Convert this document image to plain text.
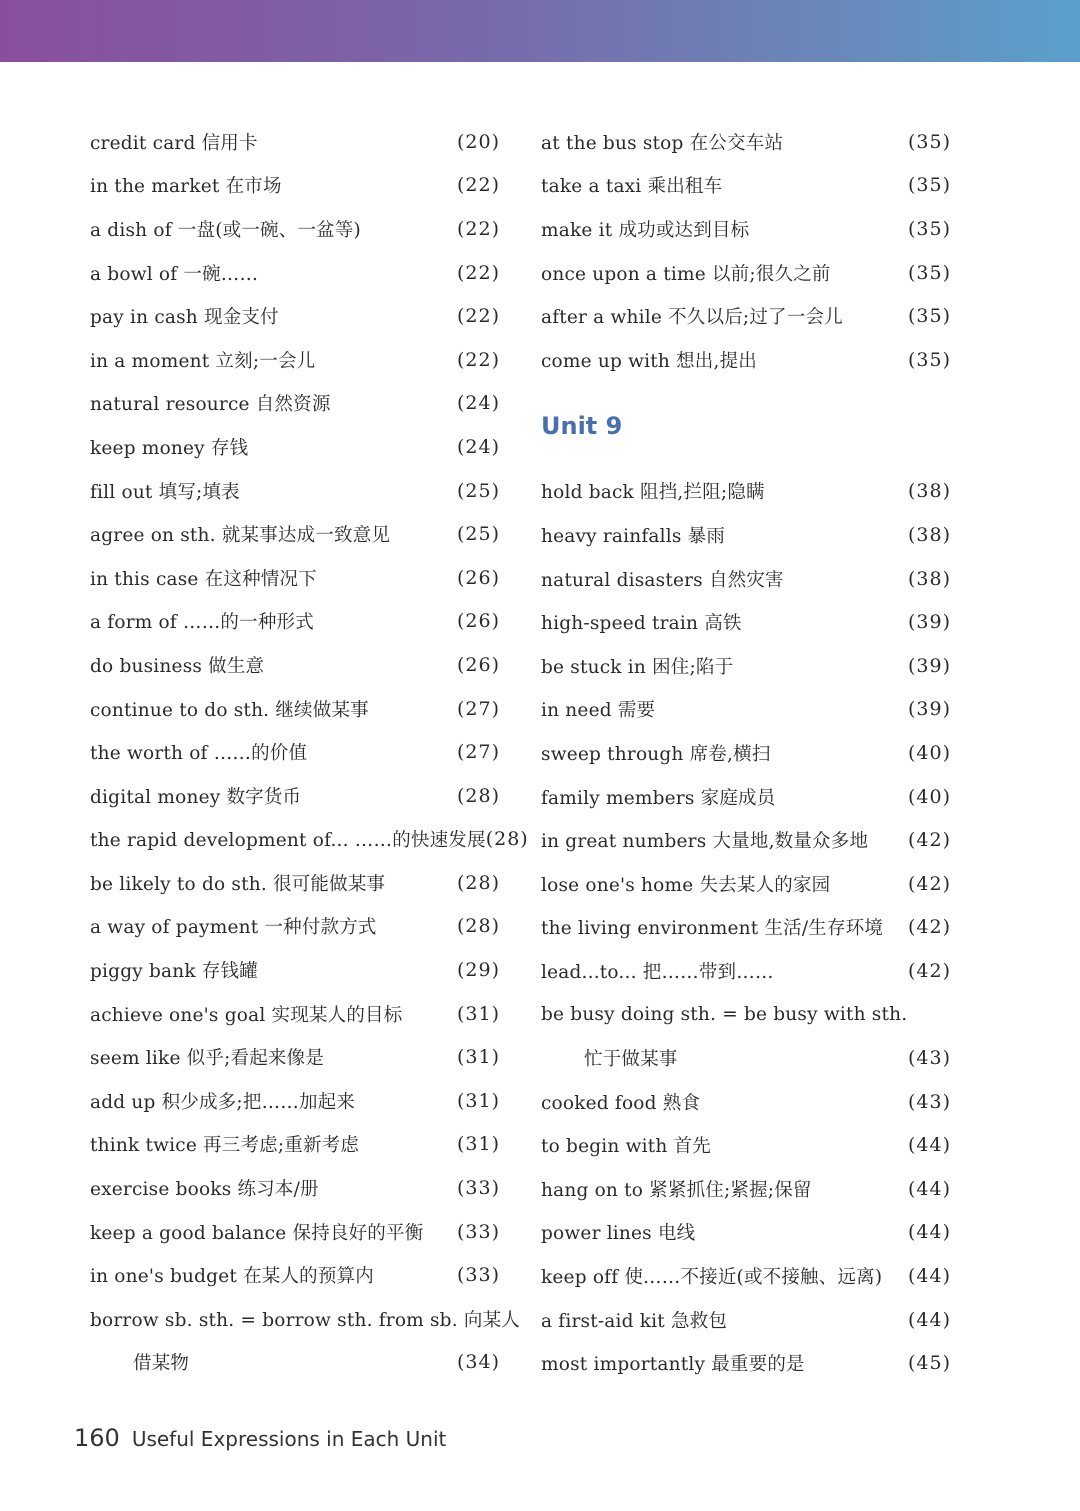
credit card 信用卡	(20)
in the market 在市场	(22)
a dish of 一盘(或一碗、一盆等)	(22)
a bowl of 一碗……	(22)
pay in cash 现金支付	(22)
in a moment 立刻;一会儿	(22)
natural resource 自然资源	(24)
keep money 存钱	(24)
fill out 填写;填表	(25)
agree on sth. 就某事达成一致意见	(25)
in this case 在这种情况下	(26)
a form of ……的一种形式	(26)
do business 做生意	(26)
continue to do sth. 继续做某事	(27)
the worth of ……的价值	(27)
digital money 数字货币	(28)
the rapid development of... ……的快速发展 (28)
be likely to do sth. 很可能做某事	(28)
a way of payment 一种付款方式	(28)
piggy bank 存钱罐	(29)
achieve one's goal 实现某人的目标	(31)
seem like 似乎;看起来像是	(31)
add up 积少成多;把……加起来	(31)
think twice 再三考虑;重新考虑	(31)
exercise books 练习本/册	(33)
keep a good balance 保持良好的平衡 (33)
in one's budget 在某人的预算内	(33)
borrow sb. sth. = borrow sth. from sb. 向某人
借某物	(34)
at the bus stop 在公交车站	(35)
take a taxi 乘出租车	(35)
make it 成功或达到目标	(35)
once upon a time 以前;很久之前	(35)
after a while 不久以后;过了一会儿	(35)
come up with 想出,提出	(35)
Unit 9
hold back 阻挡,拦阻;隐瞒	(38)
heavy rainfalls 暴雨	(38)
natural disasters 自然灾害	(38)
high-speed train 高铁	(39)
be stuck in 困住;陷于	(39)
in need 需要	(39)
sweep through 席卷,横扫	(40)
family members 家庭成员	(40)
in great numbers 大量地,数量众多地 (42)
lose one's home 失去某人的家园	(42)
the living environment 生活/生存环境 (42)
lead...to... 把……带到……	(42)
be busy doing sth. = be busy with sth.
忙于做某事	(43)
cooked food 熟食	(43)
to begin with 首先	(44)
hang on to 紧紧抓住;紧握;保留	(44)
power lines 电线	(44)
keep off 使……不接近(或不接触、远离) (44)
a first-aid kit 急救包	(44)
most importantly 最重要的是	(45)
160 Useful Expressions in Each Unit
